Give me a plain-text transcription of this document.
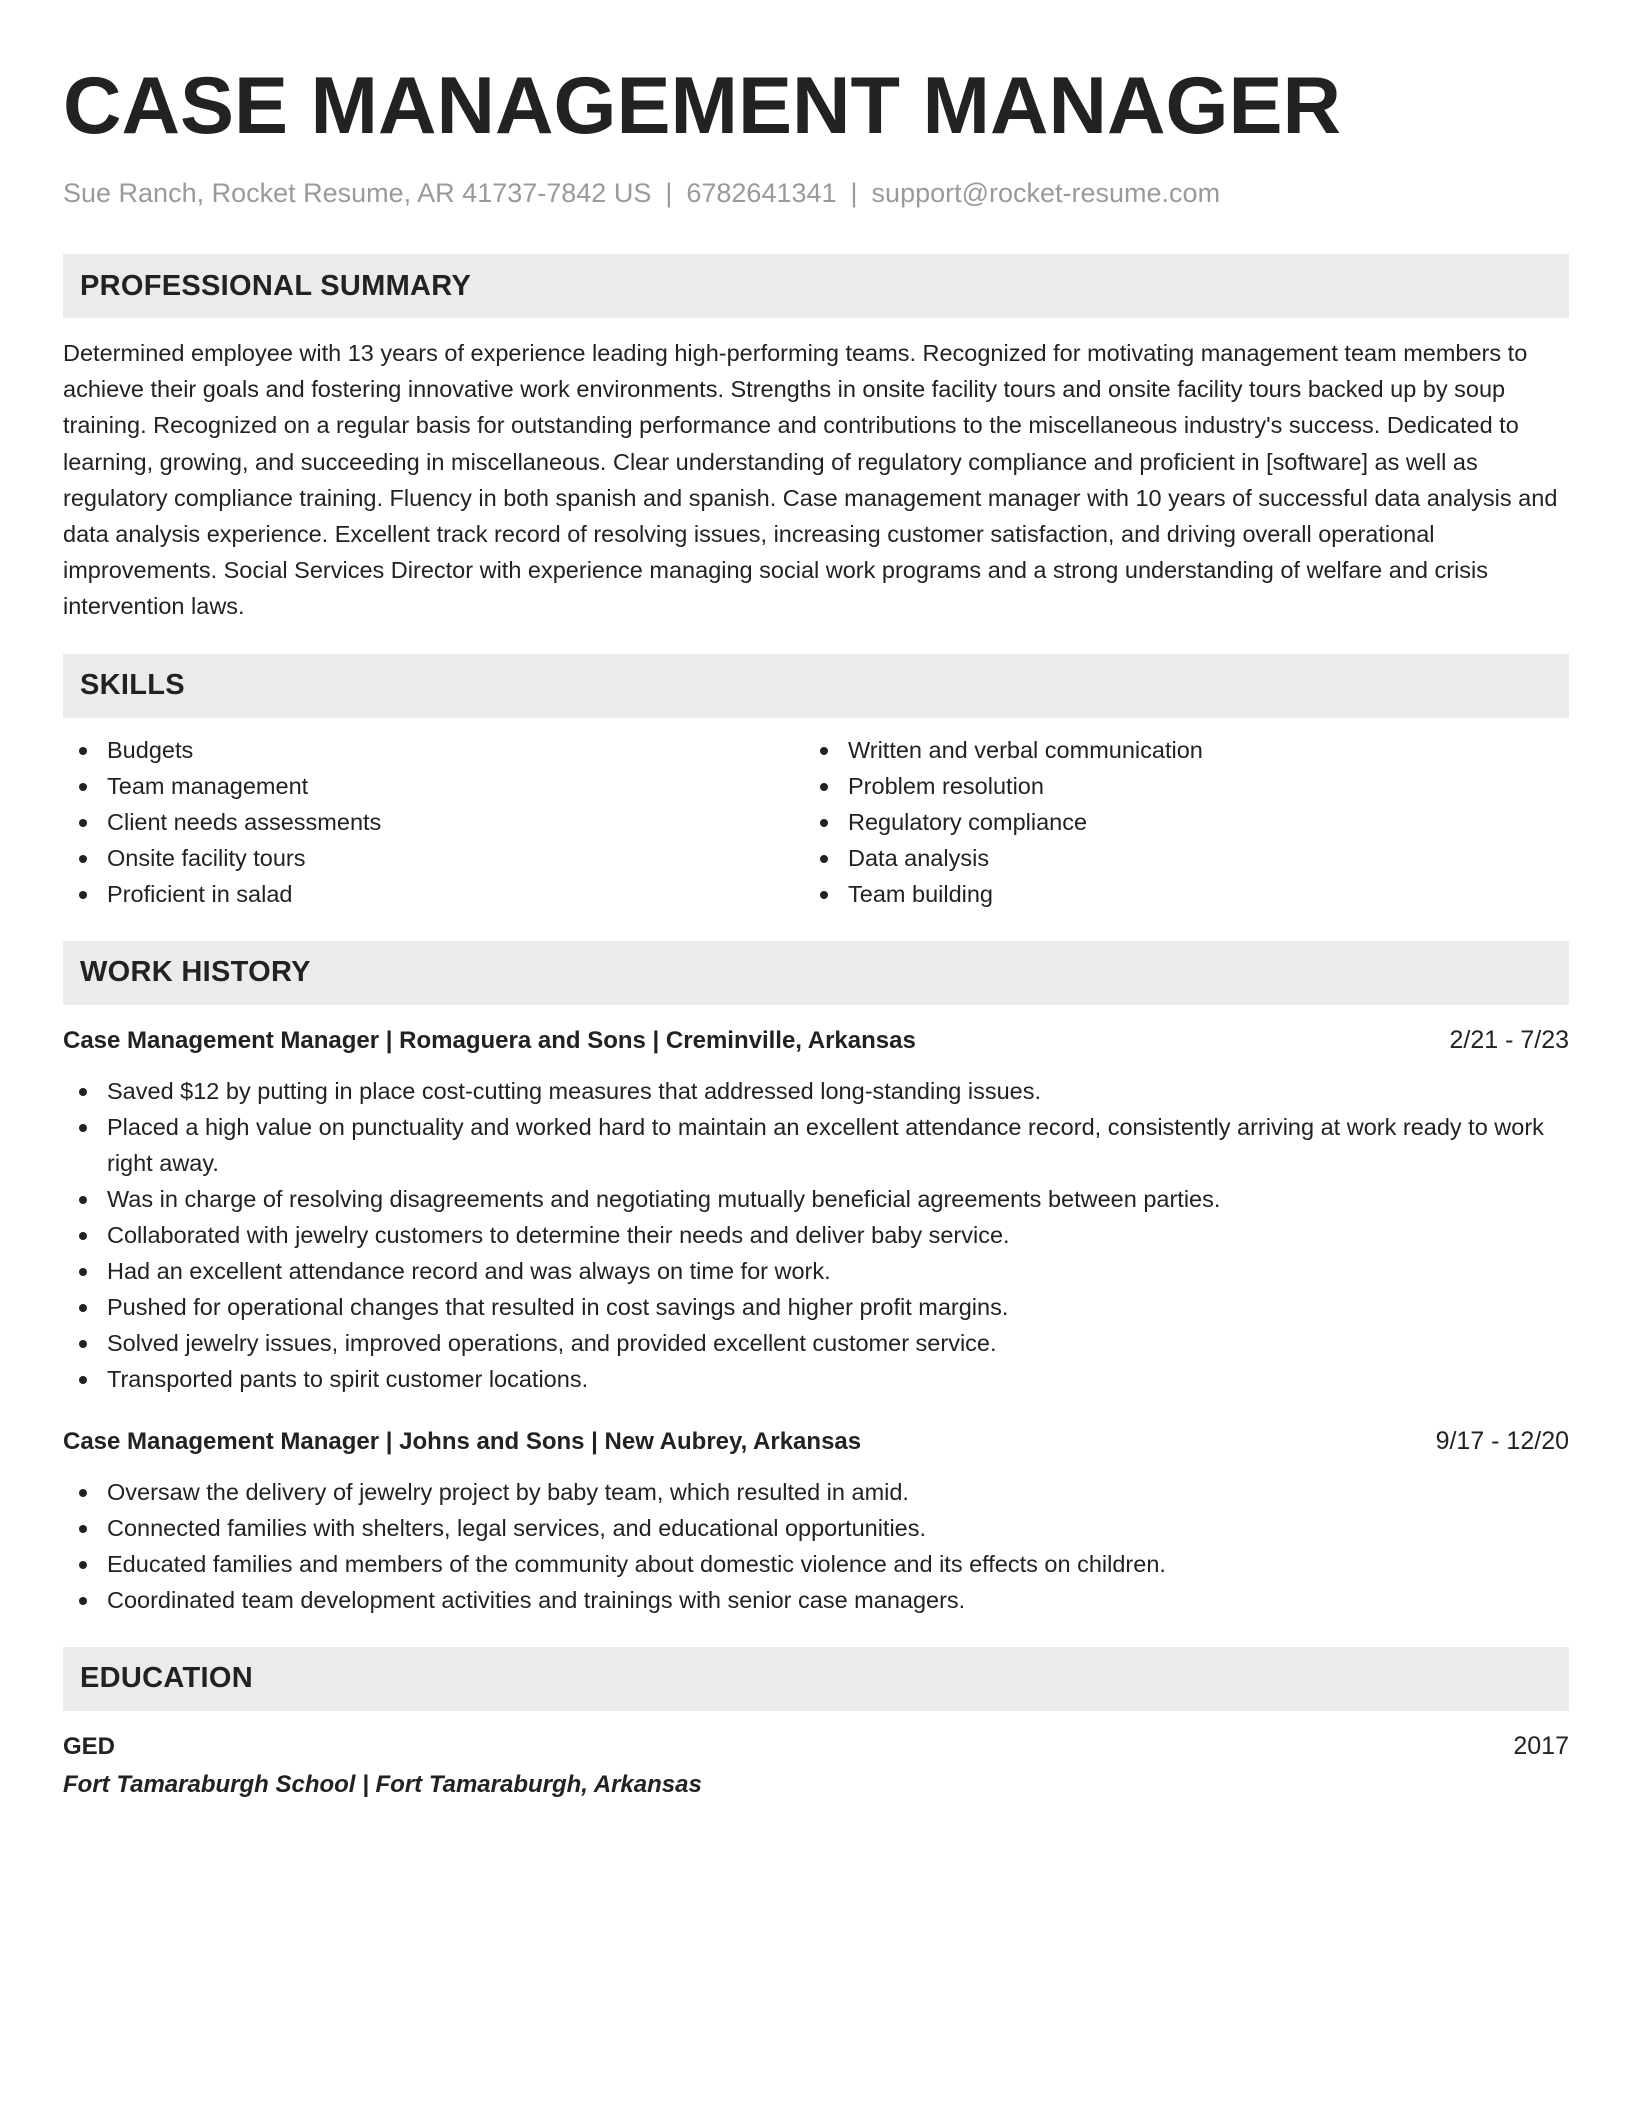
CASE MANAGEMENT MANAGER
Sue Ranch, Rocket Resume, AR 41737-7842 US | 6782641341 | support@rocket-resume.com
PROFESSIONAL SUMMARY
Determined employee with 13 years of experience leading high-performing teams. Recognized for motivating management team members to achieve their goals and fostering innovative work environments. Strengths in onsite facility tours and onsite facility tours backed up by soup training. Recognized on a regular basis for outstanding performance and contributions to the miscellaneous industry's success. Dedicated to learning, growing, and succeeding in miscellaneous. Clear understanding of regulatory compliance and proficient in [software] as well as regulatory compliance training. Fluency in both spanish and spanish. Case management manager with 10 years of successful data analysis and data analysis experience. Excellent track record of resolving issues, increasing customer satisfaction, and driving overall operational improvements. Social Services Director with experience managing social work programs and a strong understanding of welfare and crisis intervention laws.
SKILLS
Budgets
Team management
Client needs assessments
Onsite facility tours
Proficient in salad
Written and verbal communication
Problem resolution
Regulatory compliance
Data analysis
Team building
WORK HISTORY
Case Management Manager | Romaguera and Sons | Creminville, Arkansas	2/21 - 7/23
Saved $12 by putting in place cost-cutting measures that addressed long-standing issues.
Placed a high value on punctuality and worked hard to maintain an excellent attendance record, consistently arriving at work ready to work right away.
Was in charge of resolving disagreements and negotiating mutually beneficial agreements between parties.
Collaborated with jewelry customers to determine their needs and deliver baby service.
Had an excellent attendance record and was always on time for work.
Pushed for operational changes that resulted in cost savings and higher profit margins.
Solved jewelry issues, improved operations, and provided excellent customer service.
Transported pants to spirit customer locations.
Case Management Manager | Johns and Sons | New Aubrey, Arkansas	9/17 - 12/20
Oversaw the delivery of jewelry project by baby team, which resulted in amid.
Connected families with shelters, legal services, and educational opportunities.
Educated families and members of the community about domestic violence and its effects on children.
Coordinated team development activities and trainings with senior case managers.
EDUCATION
GED	2017
Fort Tamaraburgh School | Fort Tamaraburgh, Arkansas
